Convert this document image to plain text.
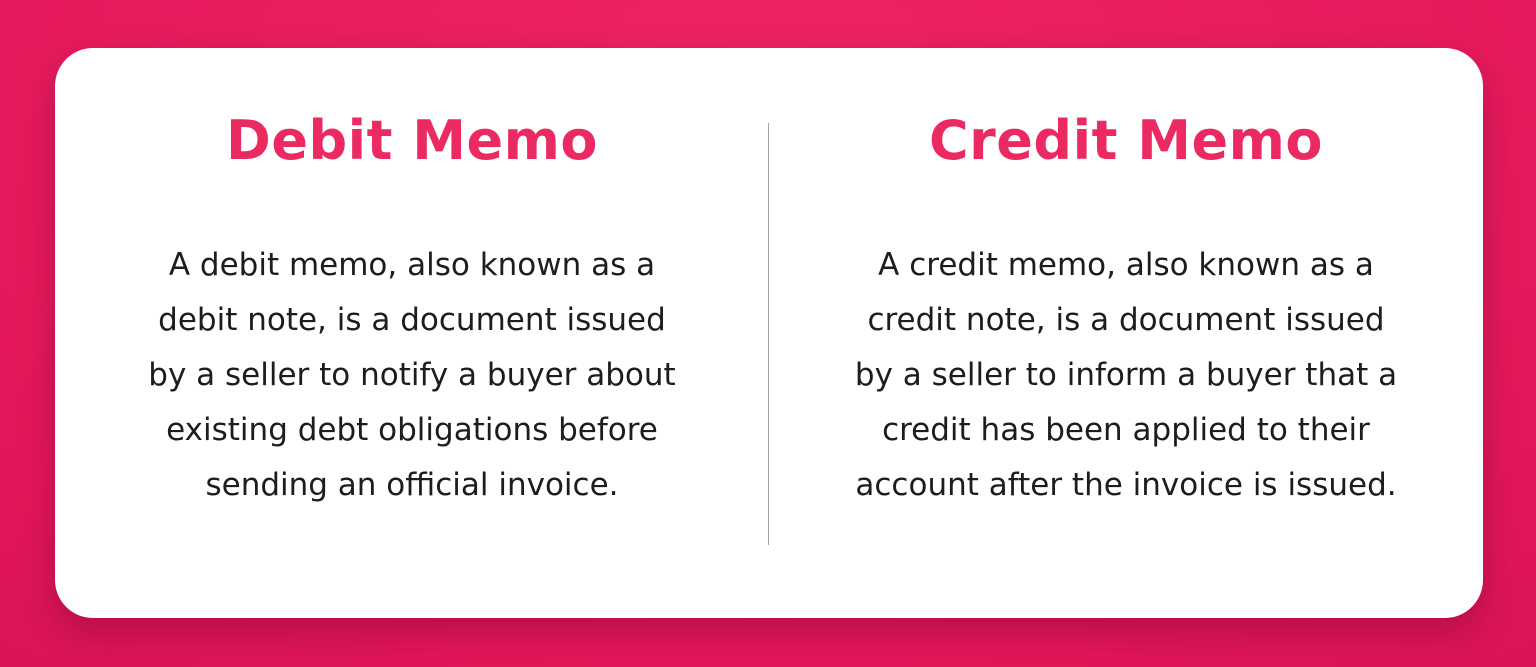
Debit Memo

A debit memo, also known as a
debit note, is a document issued
by a seller to notify a buyer about
existing debt obligations before
sending an official invoice.

Credit Memo

A credit memo, also known as a
credit note, is a document issued
by a seller to inform a buyer that a
credit has been applied to their
account after the invoice is issued.
